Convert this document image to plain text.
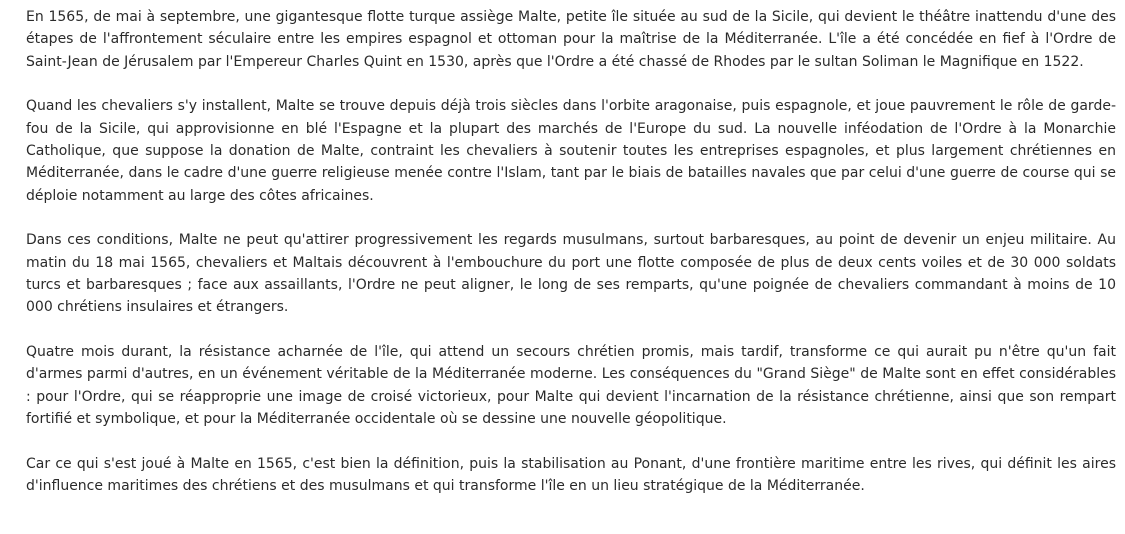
En 1565, de mai à septembre, une gigantesque flotte turque assiège Malte, petite île située au sud de la Sicile, qui devient le théâtre inattendu d'une des étapes de l'affrontement séculaire entre les empires espagnol et ottoman pour la maîtrise de la Méditerranée. L'île a été concédée en fief à l'Ordre de Saint-Jean de Jérusalem par l'Empereur Charles Quint en 1530, après que l'Ordre a été chassé de Rhodes par le sultan Soliman le Magnifique en 1522.

Quand les chevaliers s'y installent, Malte se trouve depuis déjà trois siècles dans l'orbite aragonaise, puis espagnole, et joue pauvrement le rôle de garde-fou de la Sicile, qui approvisionne en blé l'Espagne et la plupart des marchés de l'Europe du sud. La nouvelle inféodation de l'Ordre à la Monarchie Catholique, que suppose la donation de Malte, contraint les chevaliers à soutenir toutes les entreprises espagnoles, et plus largement chrétiennes en Méditerranée, dans le cadre d'une guerre religieuse menée contre l'Islam, tant par le biais de batailles navales que par celui d'une guerre de course qui se déploie notamment au large des côtes africaines.

Dans ces conditions, Malte ne peut qu'attirer progressivement les regards musulmans, surtout barbaresques, au point de devenir un enjeu militaire. Au matin du 18 mai 1565, chevaliers et Maltais découvrent à l'embouchure du port une flotte composée de plus de deux cents voiles et de 30 000 soldats turcs et barbaresques ; face aux assaillants, l'Ordre ne peut aligner, le long de ses remparts, qu'une poignée de chevaliers commandant à moins de 10 000 chrétiens insulaires et étrangers.

Quatre mois durant, la résistance acharnée de l'île, qui attend un secours chrétien promis, mais tardif, transforme ce qui aurait pu n'être qu'un fait d'armes parmi d'autres, en un événement véritable de la Méditerranée moderne. Les conséquences du "Grand Siège" de Malte sont en effet considérables : pour l'Ordre, qui se réapproprie une image de croisé victorieux, pour Malte qui devient l'incarnation de la résistance chrétienne, ainsi que son rempart fortifié et symbolique, et pour la Méditerranée occidentale où se dessine une nouvelle géopolitique.

Car ce qui s'est joué à Malte en 1565, c'est bien la définition, puis la stabilisation au Ponant, d'une frontière maritime entre les rives, qui définit les aires d'influence maritimes des chrétiens et des musulmans et qui transforme l'île en un lieu stratégique de la Méditerranée.
